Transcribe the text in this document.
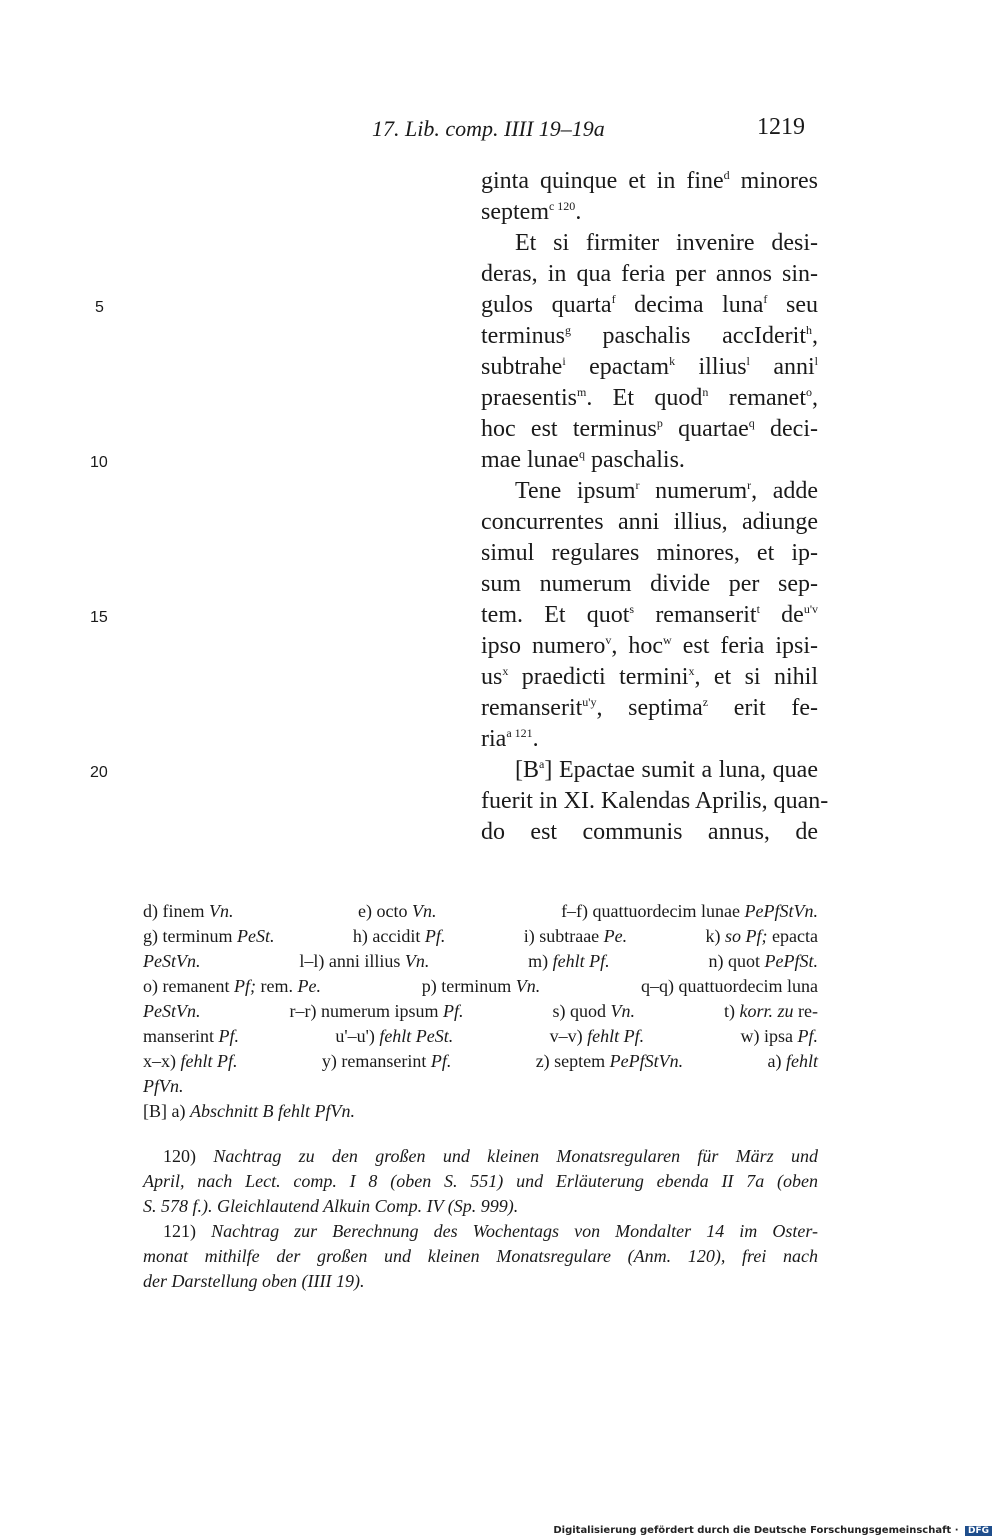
17. Lib. comp. IIII 19–19a	1219
5
10
15
20
ginta quinque et in fine$^d$ minores
septem$^{c 120}$.
Et si firmiter invenire desi-
deras, in qua feria per annos sin-
gulos quarta$^f$ decima luna$^f$ seu
terminus$^g$ paschalis accIderit$^h$,
subtrahe$^i$ epactam$^k$ illius$^l$ anni$^l$
praesentis$^m$. Et quod$^n$ remanet$^o$,
hoc est terminus$^p$ quartae$^q$ deci-
mae lunae$^q$ paschalis.
Tene ipsum$^r$ numerum$^r$, adde
concurrentes anni illius, adiunge
simul regulares minores, et ip-
sum numerum divide per sep-
tem. Et quot$^s$ remanserit$^t$ $de^{u'v}$
ipso numero$^v$, hoc$^w$ est feria ipsi-
$us^x$ praedicti termini$^x$, et si nihil
remanserit$^{u'y}$, septima$^z$ erit fe-
ria$^{a 121}$.
$[B^a]$ Epactae sumit a luna, quae
fuerit in XI. Kalendas Aprilis, quan-
do est communis annus, de
d) finem Vn.	e) octo Vn.	f–f) quattuordecim lunae PePfStVn.
g) terminum PeSt.	h) accidit Pf.	i) subtraae Pe.	k) so Pf; epacta
PeStVn.	l–l) anni illius Vn.	m) fehlt Pf.	n) quot PePfSt.
o) remanent Pf; rem. Pe.	p) terminum Vn.	q–q) quattuordecim luna
PeStVn.	r–r) numerum ipsum Pf.	s) quod Vn.	t) korr. zu re-
manserint Pf.	u'–u') fehlt PeSt.	v–v) fehlt Pf.	w) ipsa Pf.
x–x) fehlt Pf.	y) remanserint Pf.	z) septem PePfStVn.	a) fehlt
PfVn.
[B] a) Abschnitt B fehlt PfVn.
120) Nachtrag zu den großen und kleinen Monatsregularen für März und
April, nach Lect. comp. I 8 (oben S. 551) und Erläuterung ebenda II 7a (oben
S. 578 f.). Gleichlautend Alkuin Comp. IV (Sp. 999).
121) Nachtrag zur Berechnung des Wochentags von Mondalter 14 im Oster-
monat mithilfe der großen und kleinen Monatsregulare (Anm. 120), frei nach
der Darstellung oben (IIII 19).
Digitalisierung gefördert durch die Deutsche Forschungsgemeinschaft · DFG
